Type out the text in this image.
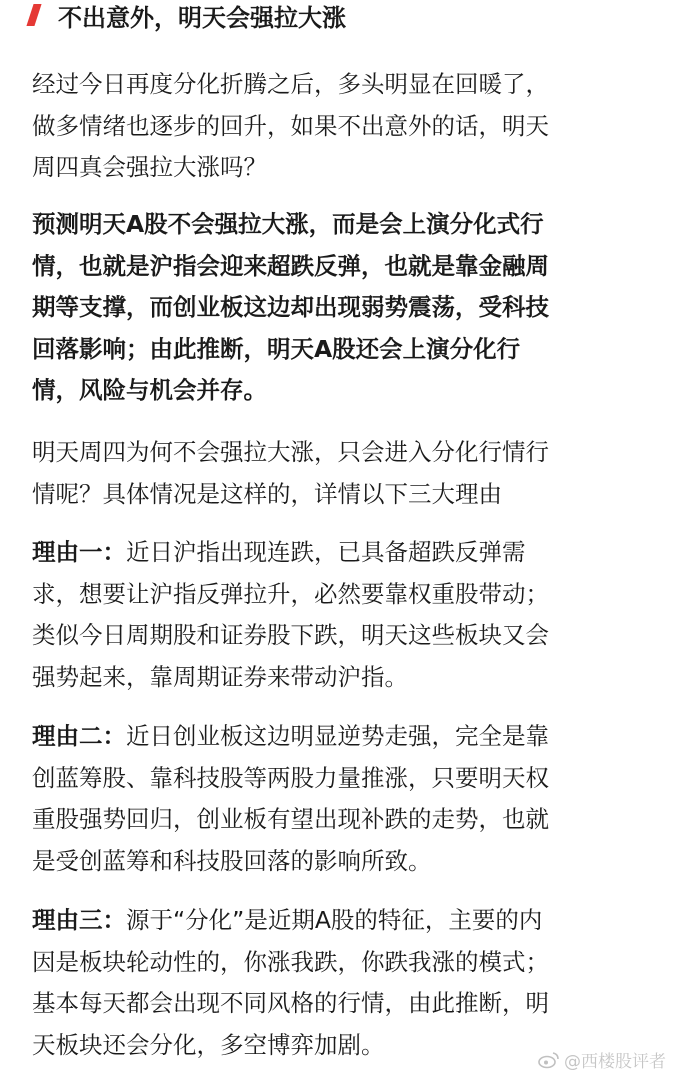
不出意外，明天会强拉大涨

经过今日再度分化折腾之后，多头明显在回暖了，
做多情绪也逐步的回升，如果不出意外的话，明天
周四真会强拉大涨吗？

预测明天A股不会强拉大涨，而是会上演分化式行
情，也就是沪指会迎来超跌反弹，也就是靠金融周
期等支撑，而创业板这边却出现弱势震荡，受科技
回落影响；由此推断，明天A股还会上演分化行
情，风险与机会并存。

明天周四为何不会强拉大涨，只会进入分化行情行
情呢？具体情况是这样的，详情以下三大理由

理由一：近日沪指出现连跌，已具备超跌反弹需
求，想要让沪指反弹拉升，必然要靠权重股带动；
类似今日周期股和证券股下跌，明天这些板块又会
强势起来，靠周期证券来带动沪指。

理由二：近日创业板这边明显逆势走强，完全是靠
创蓝筹股、靠科技股等两股力量推涨，只要明天权
重股强势回归，创业板有望出现补跌的走势，也就
是受创蓝筹和科技股回落的影响所致。

理由三：源于“分化”是近期A股的特征，主要的内
因是板块轮动性的，你涨我跌，你跌我涨的模式；
基本每天都会出现不同风格的行情，由此推断，明
天板块还会分化，多空博弈加剧。

@西楼股评者
